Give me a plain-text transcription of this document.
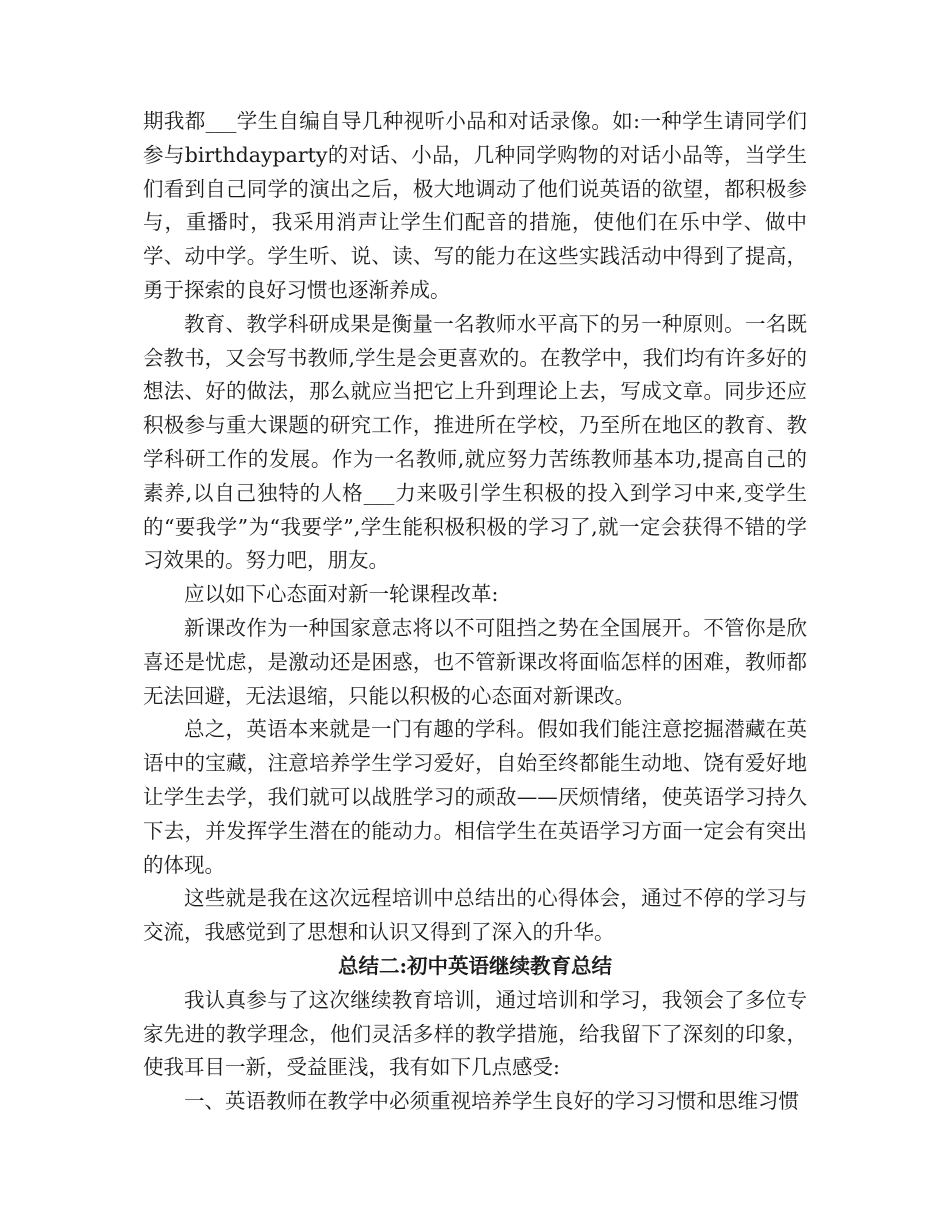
期我都___学生自编自导几种视听小品和对话录像。如:一种学生请同学们参与birthdayparty的对话、小品，几种同学购物的对话小品等，当学生们看到自己同学的演出之后，极大地调动了他们说英语的欲望，都积极参与，重播时，我采用消声让学生们配音的措施，使他们在乐中学、做中学、动中学。学生听、说、读、写的能力在这些实践活动中得到了提高，勇于探索的良好习惯也逐渐养成。

教育、教学科研成果是衡量一名教师水平高下的另一种原则。一名既会教书，又会写书教师,学生是会更喜欢的。在教学中，我们均有许多好的想法、好的做法，那么就应当把它上升到理论上去，写成文章。同步还应积极参与重大课题的研究工作，推进所在学校，乃至所在地区的教育、教学科研工作的发展。作为一名教师,就应努力苦练教师基本功,提高自己的素养,以自己独特的人格___力来吸引学生积极的投入到学习中来,变学生的“要我学”为“我要学”,学生能积极积极的学习了,就一定会获得不错的学习效果的。努力吧，朋友。

应以如下心态面对新一轮课程改革:

新课改作为一种国家意志将以不可阻挡之势在全国展开。不管你是欣喜还是忧虑，是激动还是困惑，也不管新课改将面临怎样的困难，教师都无法回避，无法退缩，只能以积极的心态面对新课改。

总之，英语本来就是一门有趣的学科。假如我们能注意挖掘潜藏在英语中的宝藏，注意培养学生学习爱好，自始至终都能生动地、饶有爱好地让学生去学，我们就可以战胜学习的顽敌——厌烦情绪，使英语学习持久下去，并发挥学生潜在的能动力。相信学生在英语学习方面一定会有突出的体现。

这些就是我在这次远程培训中总结出的心得体会，通过不停的学习与交流，我感觉到了思想和认识又得到了深入的升华。

总结二:初中英语继续教育总结

我认真参与了这次继续教育培训，通过培训和学习，我领会了多位专家先进的教学理念，他们灵活多样的教学措施，给我留下了深刻的印象，使我耳目一新，受益匪浅，我有如下几点感受:

一、英语教师在教学中必须重视培养学生良好的学习习惯和思维习惯
